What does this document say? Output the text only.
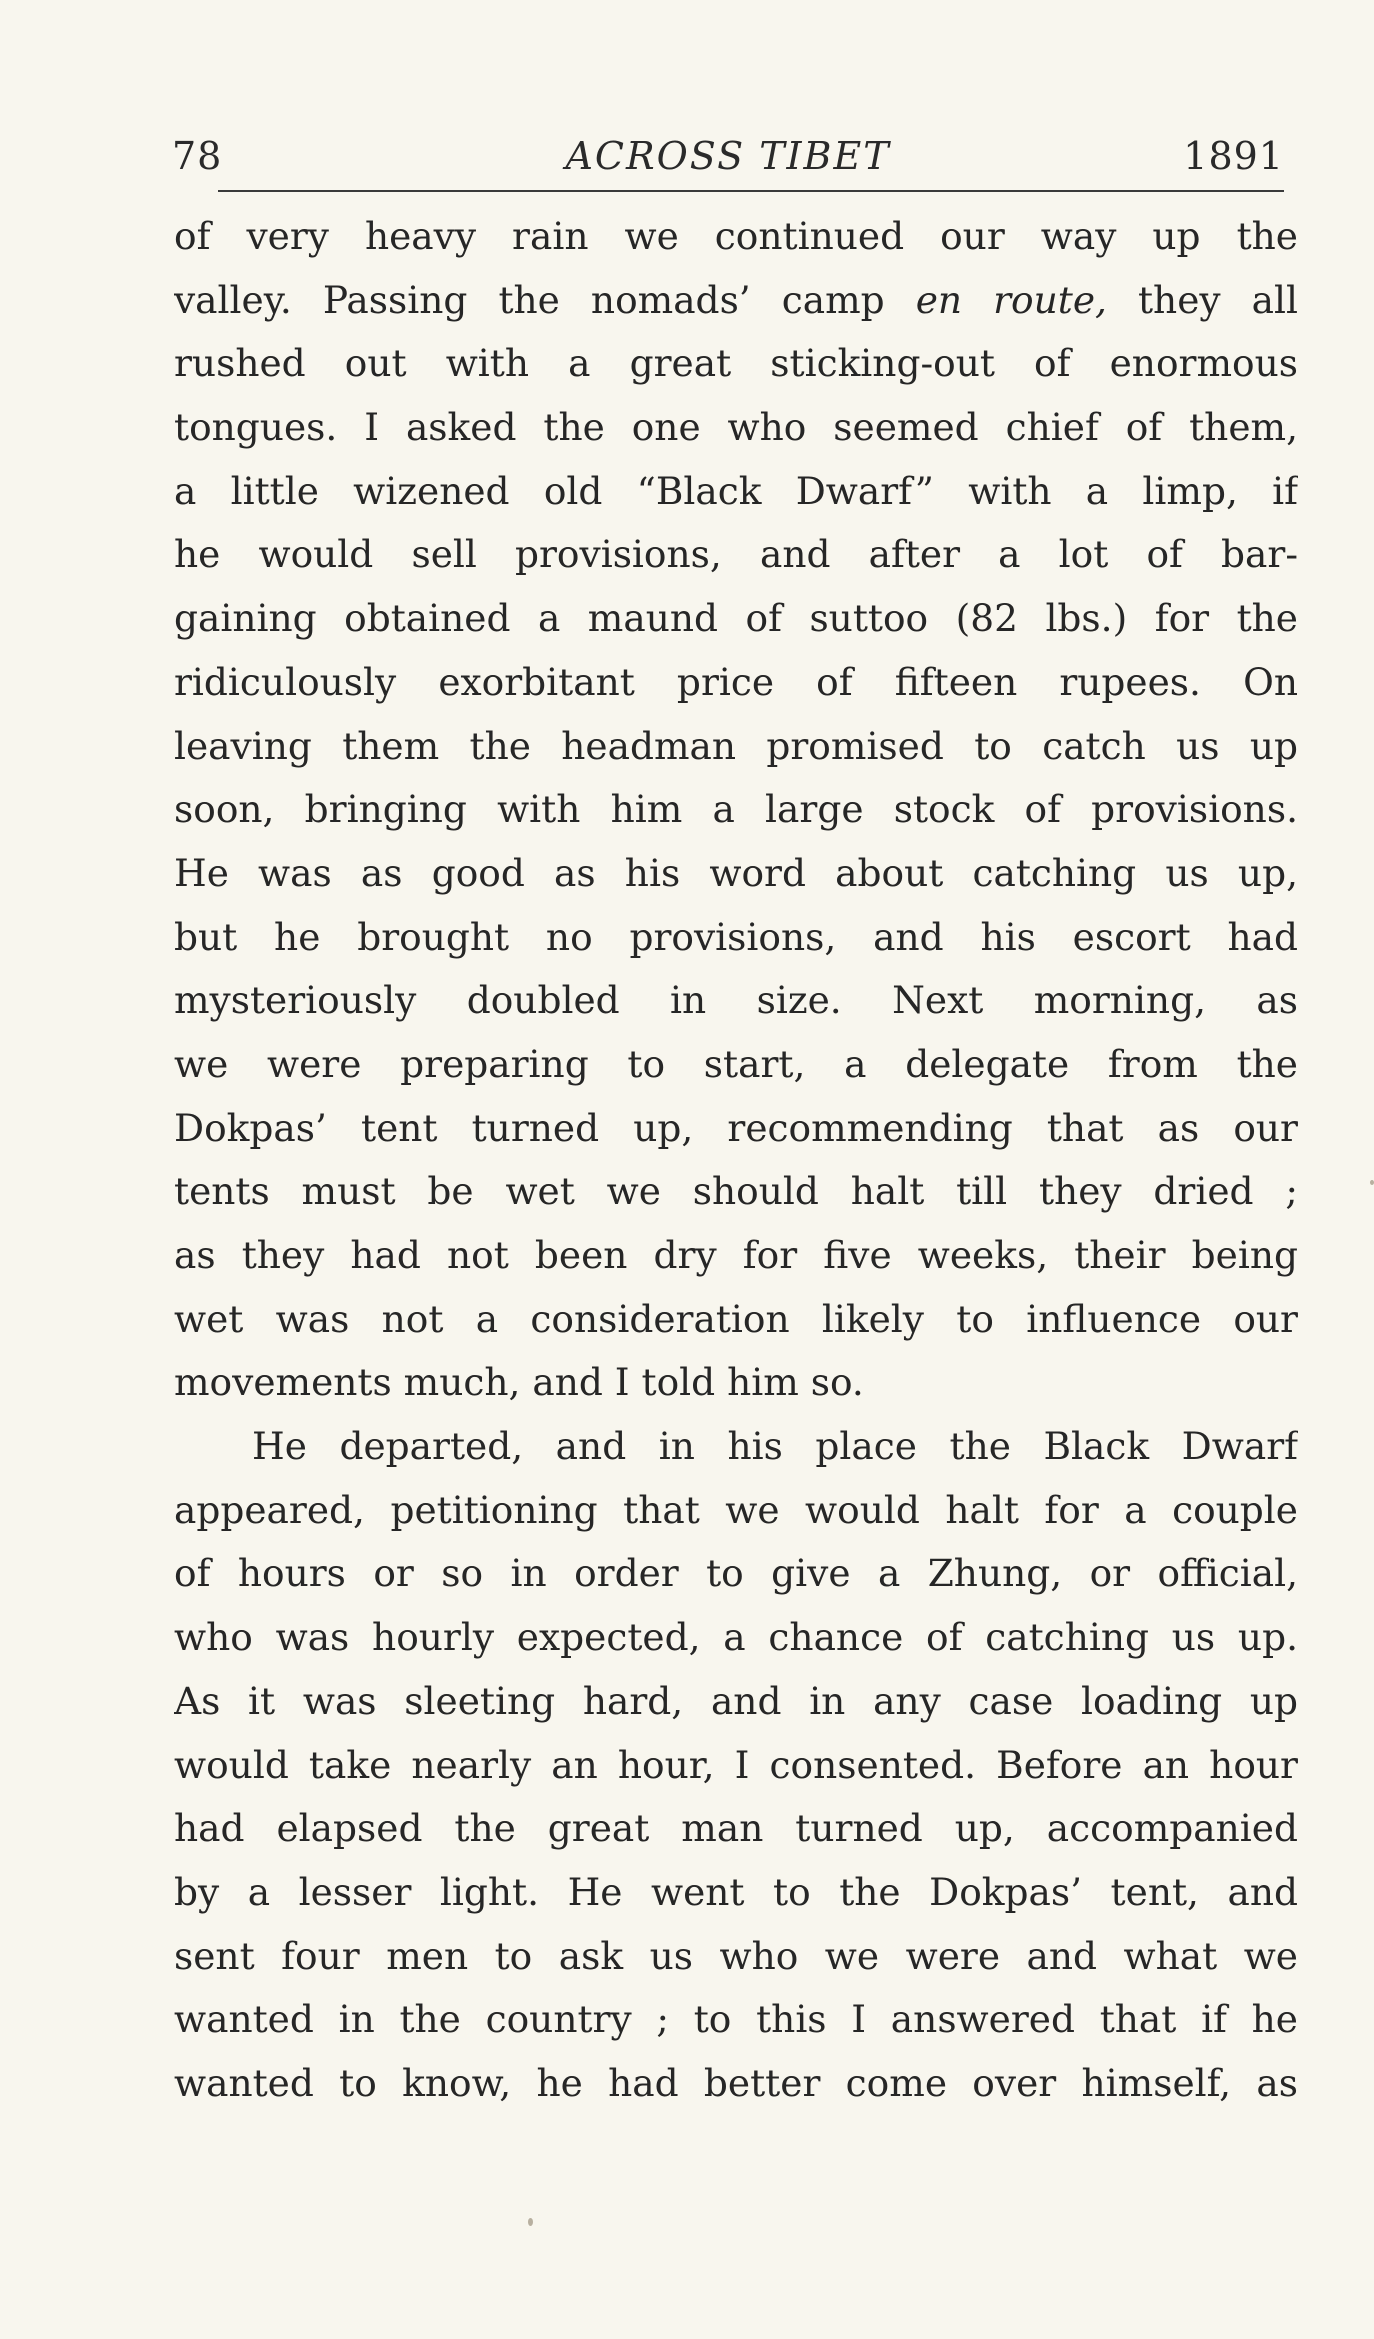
78	ACROSS TIBET	1891
of very heavy rain we continued our way up the
valley. Passing the nomads’ camp en route, they all
rushed out with a great sticking-out of enormous
tongues. I asked the one who seemed chief of them,
a little wizened old “Black Dwarf” with a limp, if
he would sell provisions, and after a lot of bar-
gaining obtained a maund of suttoo (82 lbs.) for the
ridiculously exorbitant price of fifteen rupees. On
leaving them the headman promised to catch us up
soon, bringing with him a large stock of provisions.
He was as good as his word about catching us up,
but he brought no provisions, and his escort had
mysteriously doubled in size. Next morning, as
we were preparing to start, a delegate from the
Dokpas’ tent turned up, recommending that as our
tents must be wet we should halt till they dried ;
as they had not been dry for five weeks, their being
wet was not a consideration likely to influence our
movements much, and I told him so.
He departed, and in his place the Black Dwarf
appeared, petitioning that we would halt for a couple
of hours or so in order to give a Zhung, or official,
who was hourly expected, a chance of catching us up.
As it was sleeting hard, and in any case loading up
would take nearly an hour, I consented. Before an hour
had elapsed the great man turned up, accompanied
by a lesser light. He went to the Dokpas’ tent, and
sent four men to ask us who we were and what we
wanted in the country ; to this I answered that if he
wanted to know, he had better come over himself, as
